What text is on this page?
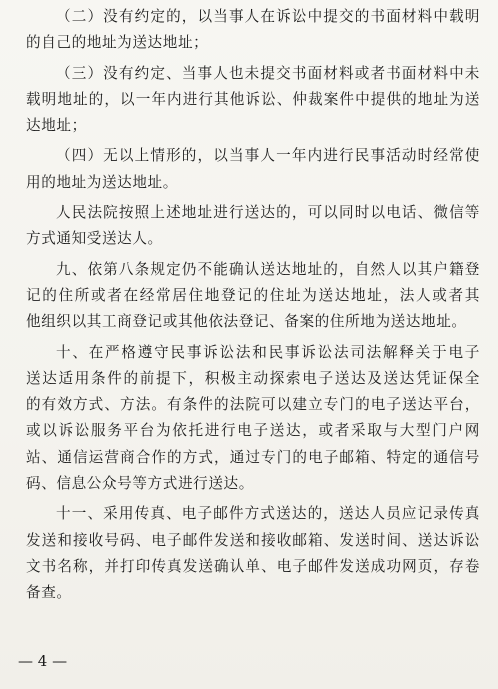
（二）没有约定的，以当事人在诉讼中提交的书面材料中载明
的自己的地址为送达地址；
（三）没有约定、当事人也未提交书面材料或者书面材料中未
载明地址的，以一年内进行其他诉讼、仲裁案件中提供的地址为送
达地址；
（四）无以上情形的，以当事人一年内进行民事活动时经常使
用的地址为送达地址。
人民法院按照上述地址进行送达的，可以同时以电话、微信等
方式通知受送达人。
九、依第八条规定仍不能确认送达地址的，自然人以其户籍登
记的住所或者在经常居住地登记的住址为送达地址，法人或者其
他组织以其工商登记或其他依法登记、备案的住所地为送达地址。
十、在严格遵守民事诉讼法和民事诉讼法司法解释关于电子
送达适用条件的前提下，积极主动探索电子送达及送达凭证保全
的有效方式、方法。有条件的法院可以建立专门的电子送达平台，
或以诉讼服务平台为依托进行电子送达，或者采取与大型门户网
站、通信运营商合作的方式，通过专门的电子邮箱、特定的通信号
码、信息公众号等方式进行送达。
十一、采用传真、电子邮件方式送达的，送达人员应记录传真
发送和接收号码、电子邮件发送和接收邮箱、发送时间、送达诉讼
文书名称，并打印传真发送确认单、电子邮件发送成功网页，存卷
备查。
— 4 —
